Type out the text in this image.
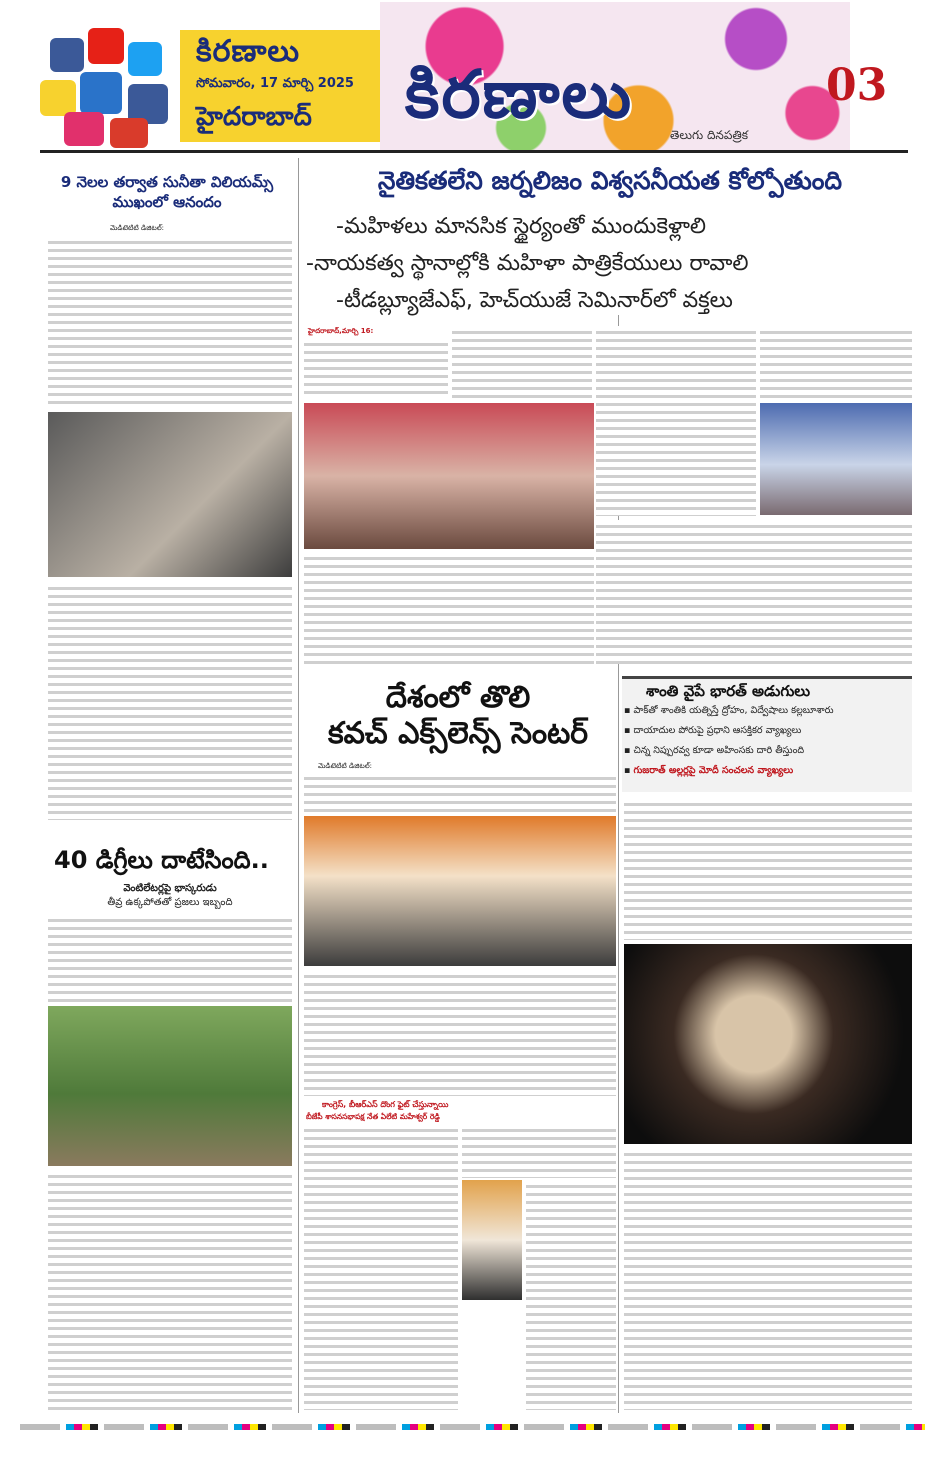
కిరణాలు
సోమవారం, 17 మార్చి 2025
హైదరాబాద్ కిరణాలు
తెలుగు దినపత్రిక
03
9 నెలల తర్వాత సునీతా విలియమ్స్ ముఖంలో ఆనందం
మెడిటెటిటి డిజిటల్:
40 డిగ్రీలు దాటేసింది..
వెంటిలేటర్లపై భాస్కరుడు
తీవ్ర ఉక్కపోతతో ప్రజలు ఇబ్బంది
నైతికతలేని జర్నలిజం విశ్వసనీయత కోల్పోతుంది
-మహిళలు మానసిక స్థైర్యంతో ముందుకెళ్లాలి
-నాయకత్వ స్థానాల్లోకి మహిళా పాత్రికేయులు రావాలి
-టీడబ్ల్యూజేఎఫ్, హెచ్‌యుజే సెమినార్‌లో వక్తలు
హైదరాబాద్,మార్చి 16:
దేశంలో తొలి
కవచ్ ఎక్స్‌లెన్స్ సెంటర్
మెడిటెటిటి డిజిటల్:
కాంగ్రెస్, బీఆర్ఎస్ దొంగ ఫైట్ చేస్తున్నాయి
బీజేపీ శాసనసభాపక్ష నేత ఏలేటి మహేశ్వర్ రెడ్డి
శాంతి వైపే భారత్ అడుగులు
▪ పాక్‌తో శాంతికి యత్నిస్తే ద్రోహం, విద్వేషాలు కల్లబూశారు
▪ దాయాదుల పోరుపై ప్రధాని ఆసక్తికర వ్యాఖ్యలు
▪ చిన్న నిప్పురవ్వ కూడా అహింసకు దారి తీస్తుంది
▪ గుజరాత్ అల్లర్లపై మోదీ సంచలన వ్యాఖ్యలు
